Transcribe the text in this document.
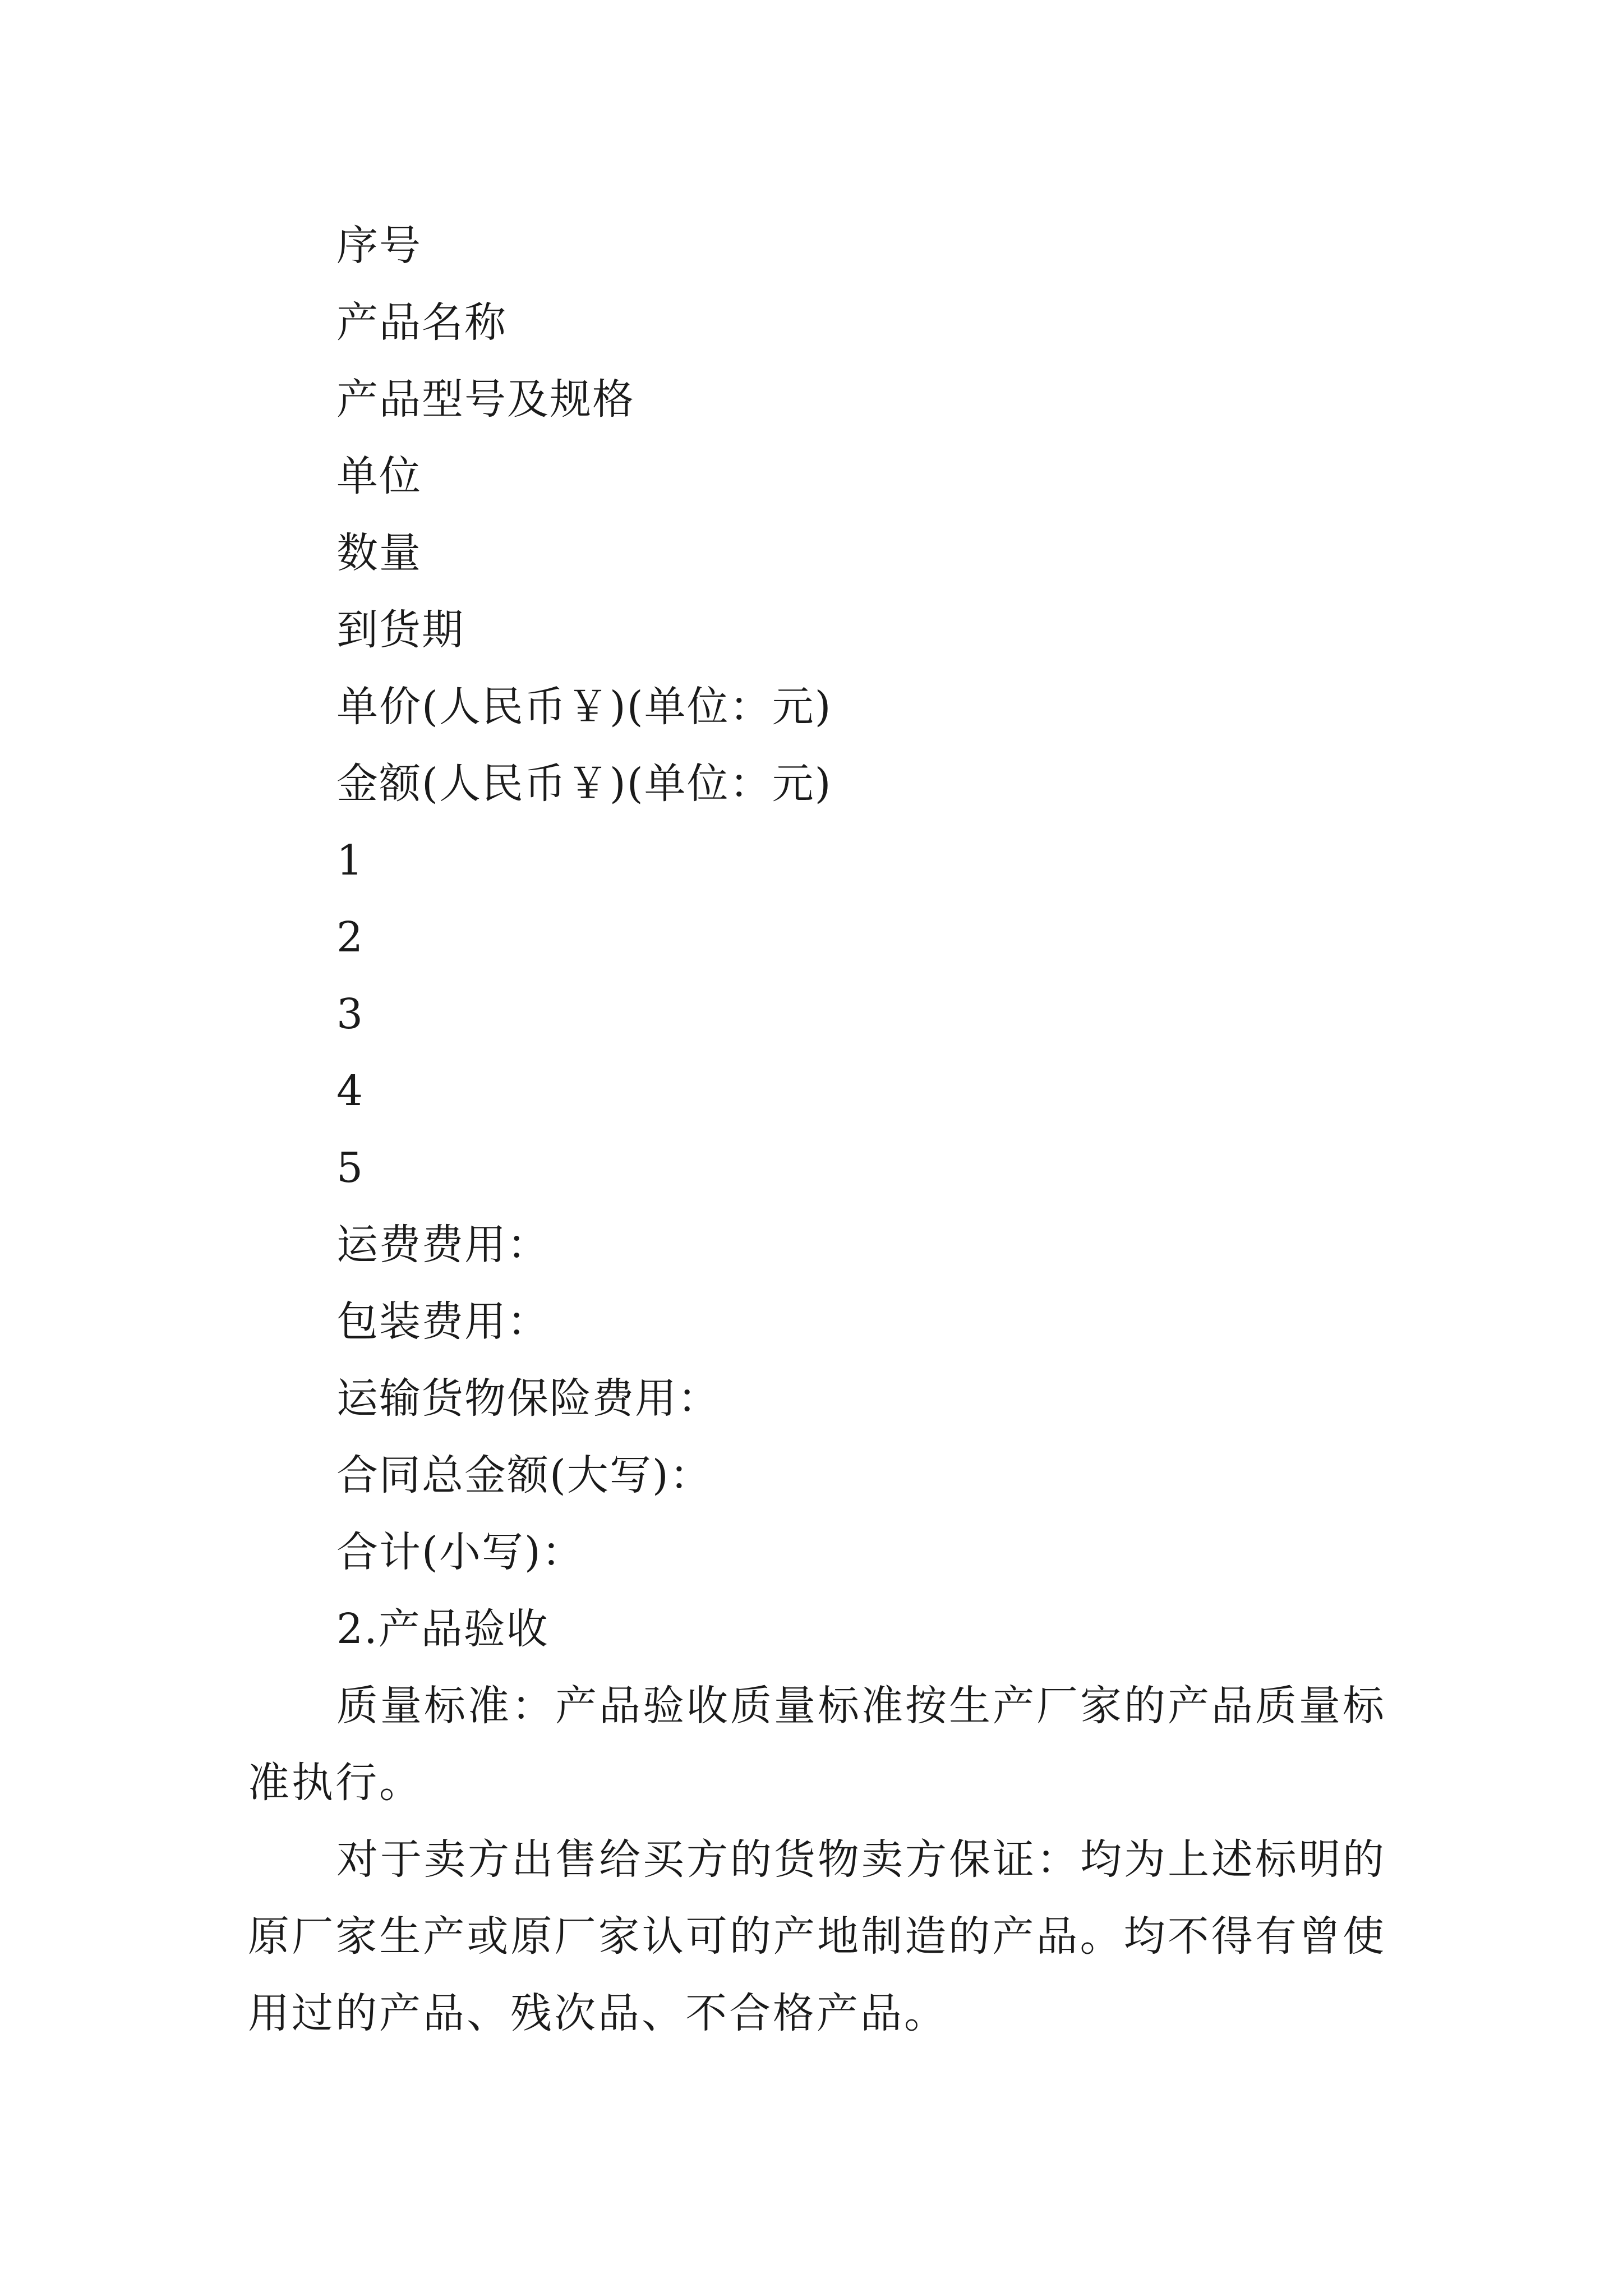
序号
产品名称
产品型号及规格
单位
数量
到货期
单价(人民币￥)(单位：元)
金额(人民币￥)(单位：元)
1
2
3
4
5
运费费用：
包装费用：
运输货物保险费用：
合同总金额(大写)：
合计(小写)：
2.产品验收

质量标准：产品验收质量标准按生产厂家的产品质量标准执行。

对于卖方出售给买方的货物卖方保证：均为上述标明的原厂家生产或原厂家认可的产地制造的产品。均不得有曾使用过的产品、残次品、不合格产品。
